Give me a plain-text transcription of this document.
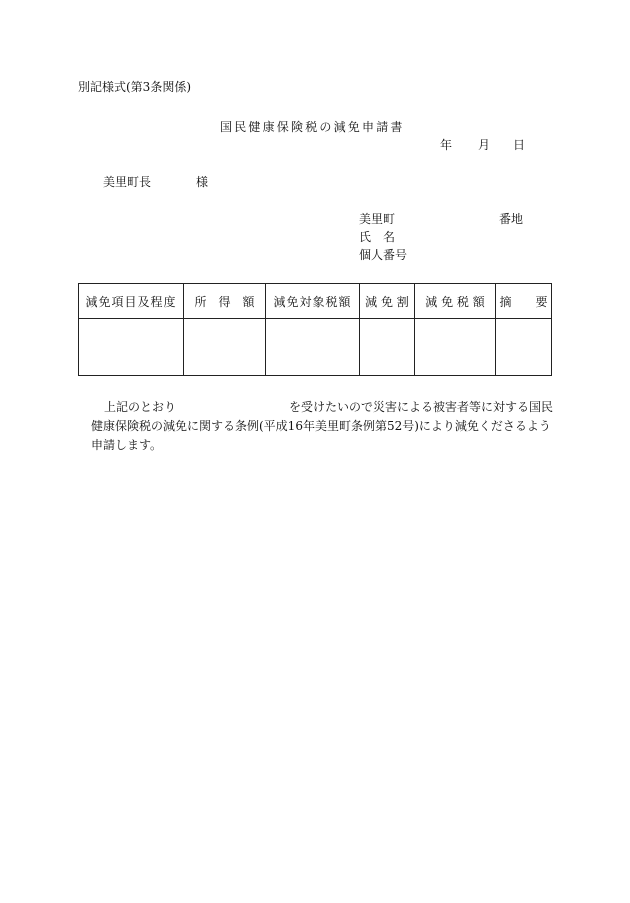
別記様式(第3条関係)
国民健康保険税の減免申請書
年 月 日
美里町長	様
美里町	番地
氏　名
個人番号
減免項目及程度	所　得　額	減免対象税額	減 免 割	減 免 税 額	摘　　要

上記のとおり	を受けたいので災害による被害者等に対する国民
健康保険税の減免に関する条例(平成16年美里町条例第52号)により減免くださるよう
申請します。
